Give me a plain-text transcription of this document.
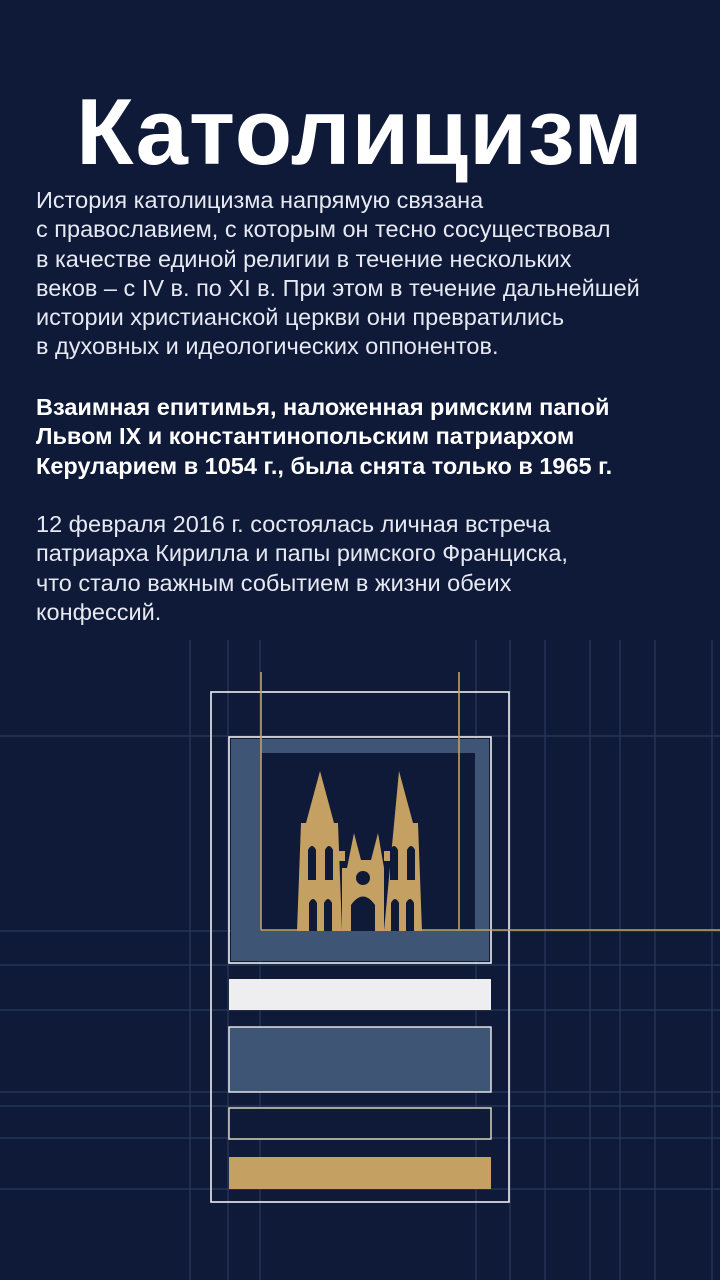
Католицизм

История католицизма напрямую связана
с православием, с которым он тесно сосуществовал
в качестве единой религии в течение нескольких
веков – с IV в. по XI в. При этом в течение дальнейшей
истории христианской церкви они превратились
в духовных и идеологических оппонентов.

Взаимная епитимья, наложенная римским папой
Львом IX и константинопольским патриархом
Керуларием в 1054 г., была снята только в 1965 г.

12 февраля 2016 г. состоялась личная встреча
патриарха Кирилла и папы римского Франциска,
что стало важным событием в жизни обеих
конфессий.
